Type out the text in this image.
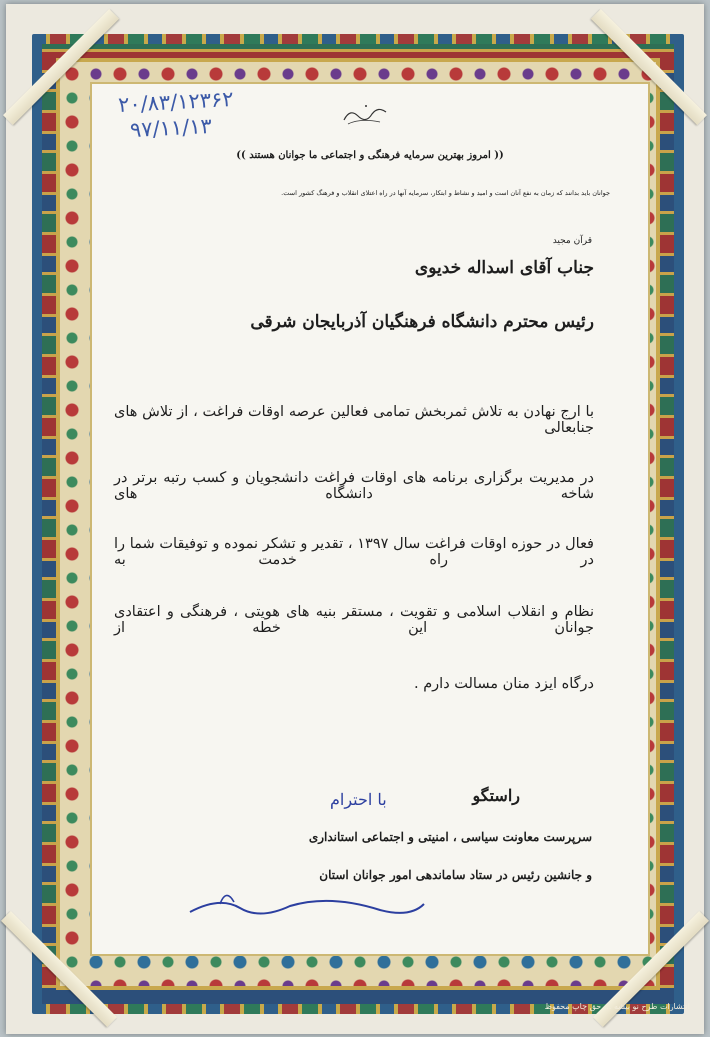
۲۰/۸۳/۱۲۳۶۲
۹۷/۱۱/۱۳
(( امروز بهترین سرمایه فرهنگی و اجتماعی ما جوانان هستند ))
جوانان باید بدانند که زمان به نفع آنان است و امید و نشاط و ابتکار، سرمایه آنها در راه اعتلای انقلاب و فرهنگ کشور است.
قرآن مجید
جناب آقای اسداله خدیوی
رئیس محترم دانشگاه فرهنگیان آذربایجان شرقی
با ارج نهادن به تلاش ثمربخش تمامی فعالین عرصه اوقات فراغت ، از تلاش های جنابعالی
در مدیریت برگزاری برنامه های اوقات فراغت دانشجویان و کسب رتبه برتر در شاخه دانشگاه های
فعال در حوزه اوقات فراغت سال ۱۳۹۷ ، تقدیر و تشکر نموده و توفیقات شما را در راه خدمت به
نظام و انقلاب اسلامی و تقویت ، مستقر بنیه های هویتی ، فرهنگی و اعتقادی جوانان این خطه از
درگاه ایزد منان مسالت دارم .
راستگو
با احترام
سرپرست معاونت سیاسی ، امنیتی و اجتماعی استانداری
و جانشین رئیس در ستاد ساماندهی امور جوانان استان
انتشارات طرح نو بیشه ... حق چاپ محفوظ
